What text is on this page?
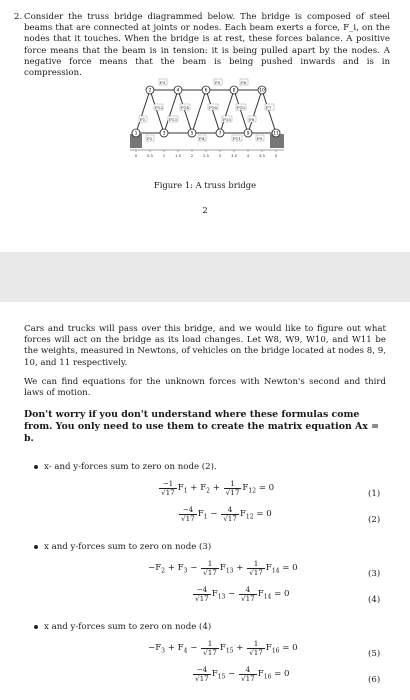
2. Consider the truss bridge diagrammed below. The bridge is composed of steel beams that are connected at joints or nodes. Each beam exerts a force, F_i, on the nodes that it touches. When the bridge is at rest, these forces balance. A positive force means that the beam is in tension: it is being pulled apart by the nodes. A negative force means that the beam is being pushed inwards and is in compression.
F12	F14	F16	F10	F7
F13	F15
F1	F8
F3	F5	F6
F2	F4	F11	F9
2	4	6	8	10
1	3	5	7	9	11
0	0.5	1	1.5	2	2.5	3	3.5	4	4.5	5
Figure 1: A truss bridge
2
Cars and trucks will pass over this bridge, and we would like to figure out what forces will act on the bridge as its load changes. Let W8, W9, W10, and W11 be the weights, measured in Newtons, of vehicles on the bridge located at nodes 8, 9, 10, and 11 respectively.
We can find equations for the unknown forces with Newton's second and third laws of motion.
Don't worry if you don't understand where these formulas come from. You only need to use them to create the matrix equation Ax = b.
x- and y-forces sum to zero on node (2).
$\frac{-1}{√17} F_1 + F_2 + \frac{1}{√17} F_{12} = 0$
(1)
$\frac{-4}{√17} F_1 - \frac{4}{√17} F_{12} = 0$
(2)
x and y-forces sum to zero on node (3)
$-F_2 + F_3 - \frac{1}{√17} F_{13} + \frac{1}{√17} F_{14} = 0$
(3)
$\frac{-4}{√17} F_{13} - \frac{4}{√17} F_{14} = 0$
(4)
x and y-forces sum to zero on node (4)
$-F_3 + F_4 - \frac{1}{√17} F_{15} + \frac{1}{√17} F_{16} = 0$
(5)
$\frac{-4}{√17} F_{15} - \frac{4}{√17} F_{16} = 0$
(6)
